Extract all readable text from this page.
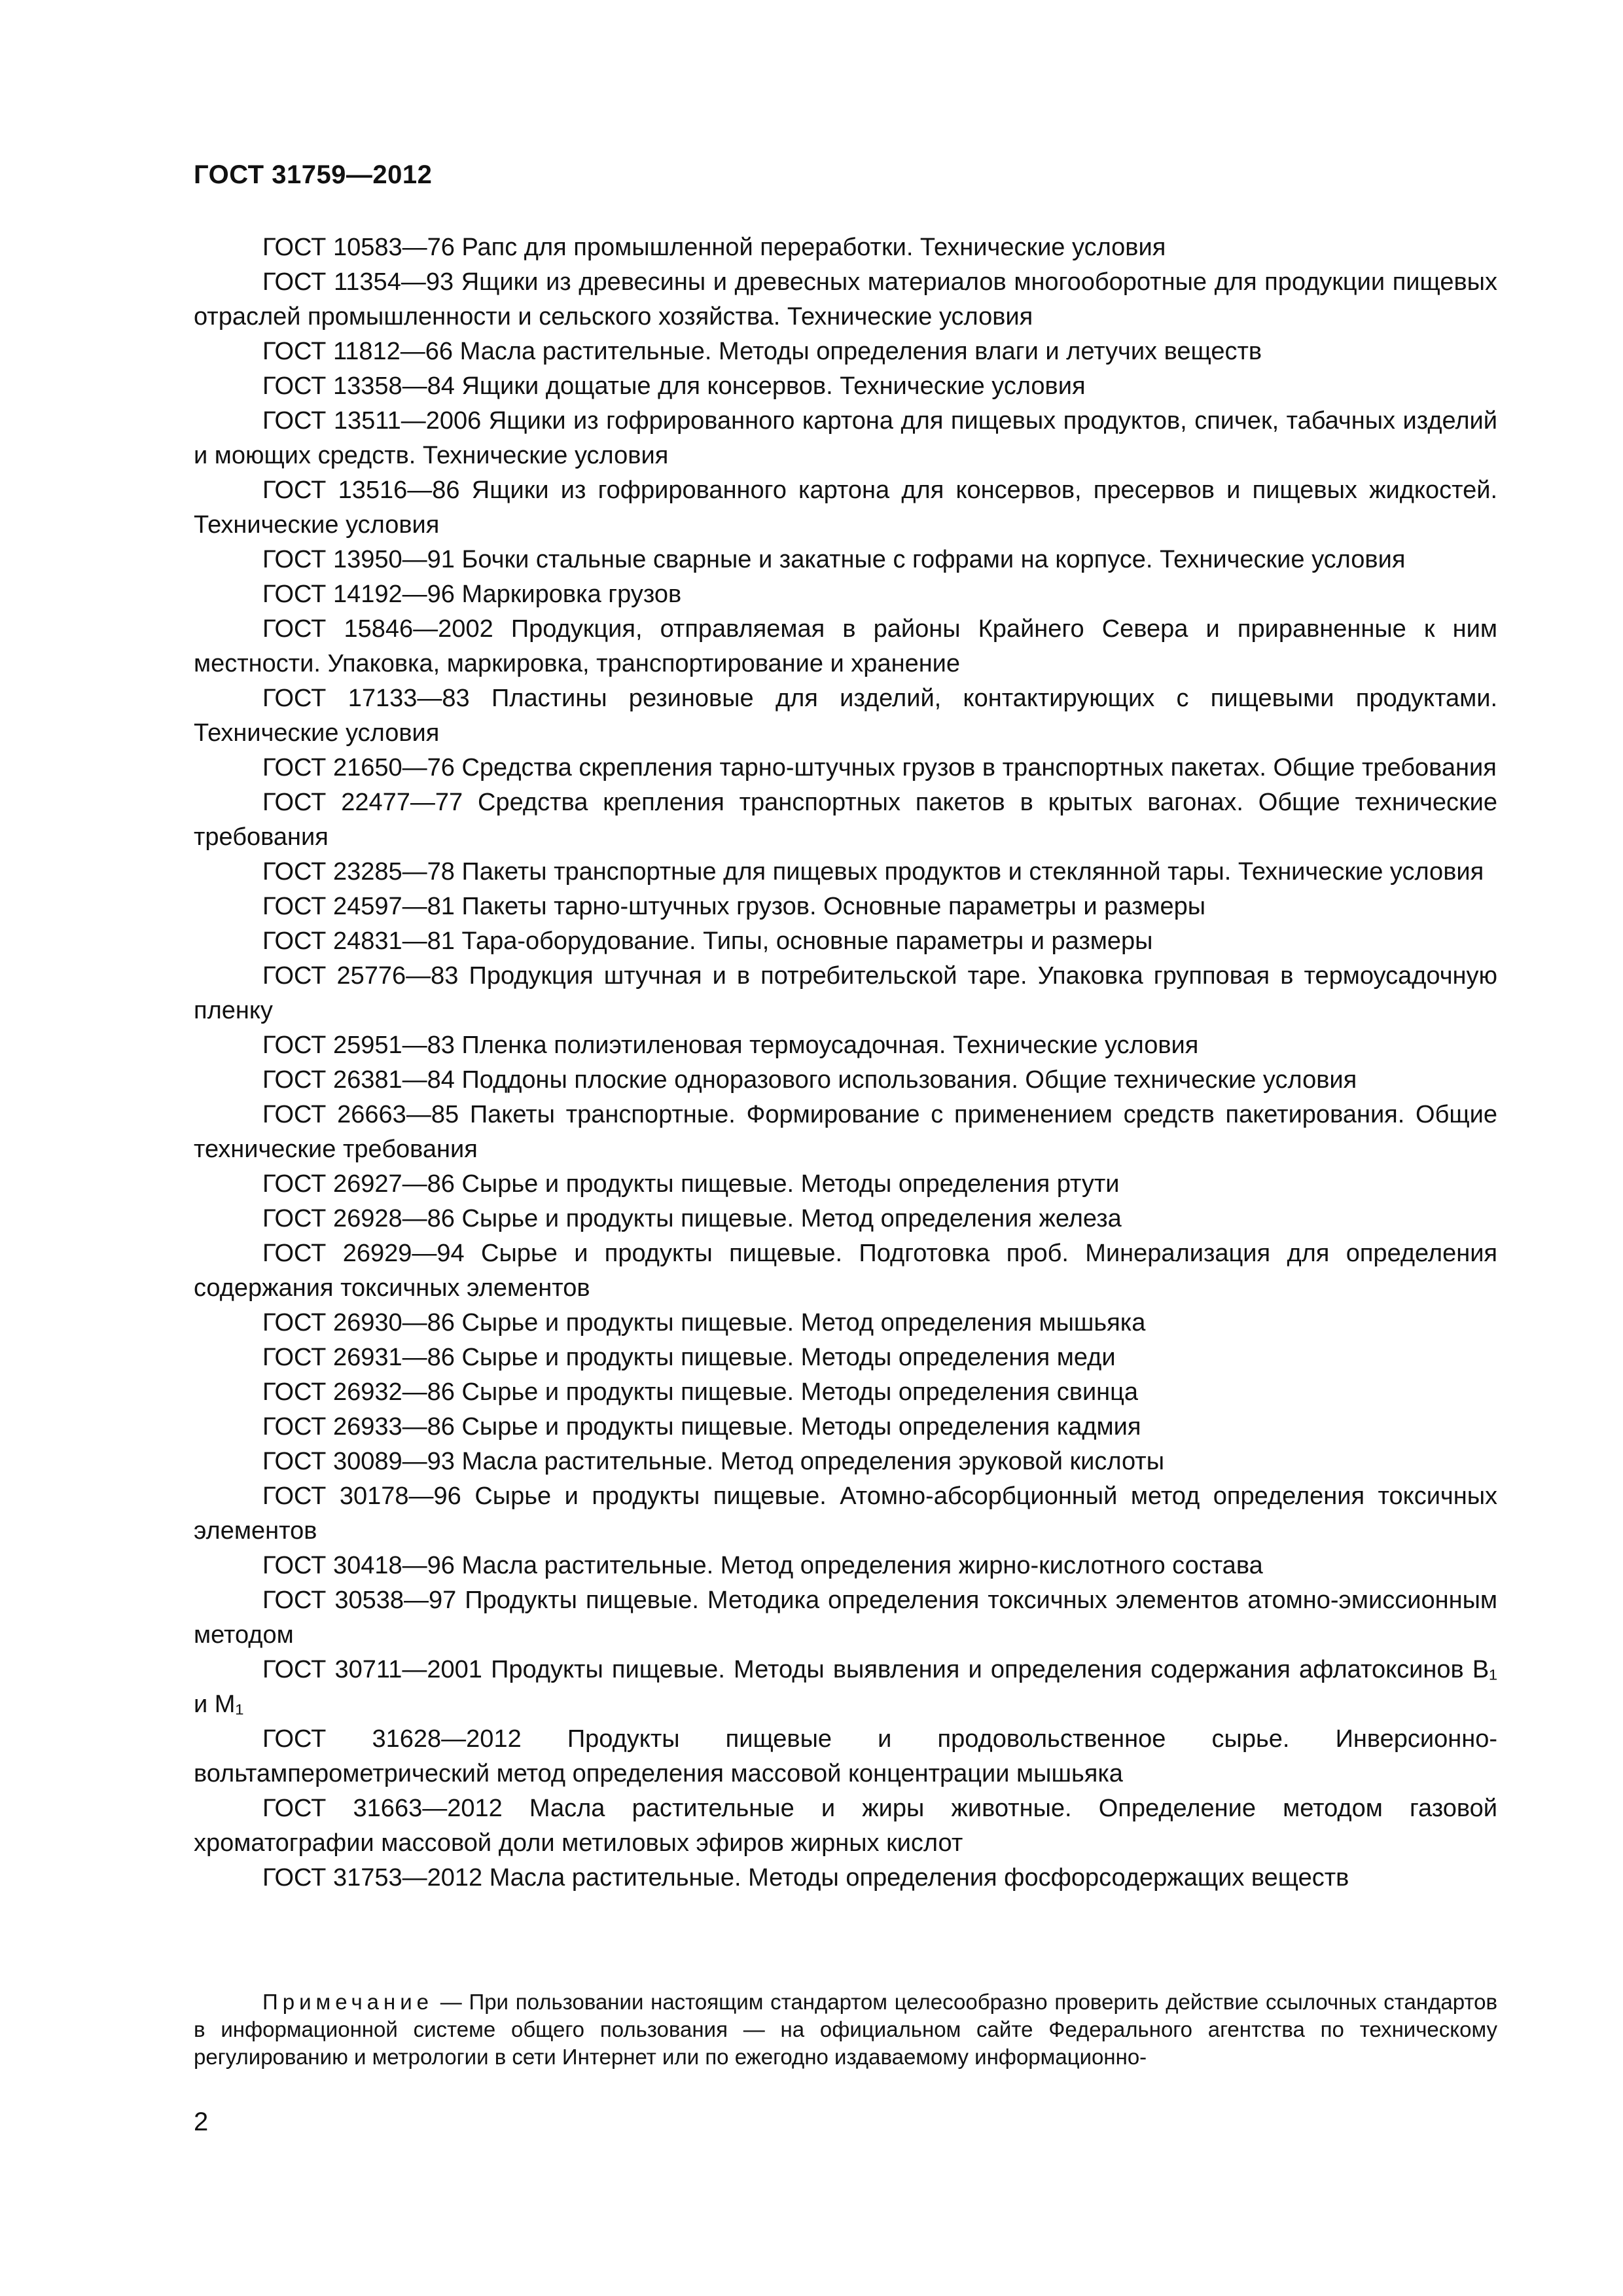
ГОСТ 31759—2012

ГОСТ 10583—76 Рапс для промышленной переработки. Технические условия

ГОСТ 11354—93 Ящики из древесины и древесных материалов многооборотные для продукции пищевых отраслей промышленности и сельского хозяйства. Технические условия

ГОСТ 11812—66 Масла растительные. Методы определения влаги и летучих веществ

ГОСТ 13358—84 Ящики дощатые для консервов. Технические условия

ГОСТ 13511—2006 Ящики из гофрированного картона для пищевых продуктов, спичек, табачных изделий и моющих средств. Технические условия

ГОСТ 13516—86 Ящики из гофрированного картона для консервов, пресервов и пищевых жидкостей. Технические условия

ГОСТ 13950—91 Бочки стальные сварные и закатные с гофрами на корпусе. Технические условия

ГОСТ 14192—96 Маркировка грузов

ГОСТ 15846—2002 Продукция, отправляемая в районы Крайнего Севера и приравненные к ним местности. Упаковка, маркировка, транспортирование и хранение

ГОСТ 17133—83 Пластины резиновые для изделий, контактирующих с пищевыми продуктами. Технические условия

ГОСТ 21650—76 Средства скрепления тарно-штучных грузов в транспортных пакетах. Общие требования

ГОСТ 22477—77 Средства крепления транспортных пакетов в крытых вагонах. Общие технические требования

ГОСТ 23285—78 Пакеты транспортные для пищевых продуктов и стеклянной тары. Технические условия

ГОСТ 24597—81 Пакеты тарно-штучных грузов. Основные параметры и размеры

ГОСТ 24831—81 Тара-оборудование. Типы, основные параметры и размеры

ГОСТ 25776—83 Продукция штучная и в потребительской таре. Упаковка групповая в термоусадочную пленку

ГОСТ 25951—83 Пленка полиэтиленовая термоусадочная. Технические условия

ГОСТ 26381—84 Поддоны плоские одноразового использования. Общие технические условия

ГОСТ 26663—85 Пакеты транспортные. Формирование с применением средств пакетирования. Общие технические требования

ГОСТ 26927—86 Сырье и продукты пищевые. Методы определения ртути

ГОСТ 26928—86 Сырье и продукты пищевые. Метод определения железа

ГОСТ 26929—94 Сырье и продукты пищевые. Подготовка проб. Минерализация для определения содержания токсичных элементов

ГОСТ 26930—86 Сырье и продукты пищевые. Метод определения мышьяка

ГОСТ 26931—86 Сырье и продукты пищевые. Методы определения меди

ГОСТ 26932—86 Сырье и продукты пищевые. Методы определения свинца

ГОСТ 26933—86 Сырье и продукты пищевые. Методы определения кадмия

ГОСТ 30089—93 Масла растительные. Метод определения эруковой кислоты

ГОСТ 30178—96 Сырье и продукты пищевые. Атомно-абсорбционный метод определения токсичных элементов

ГОСТ 30418—96 Масла растительные. Метод определения жирно-кислотного состава

ГОСТ 30538—97 Продукты пищевые. Методика определения токсичных элементов атомно-эмиссионным методом

ГОСТ 30711—2001 Продукты пищевые. Методы выявления и определения содержания афлатоксинов B₁ и M₁

ГОСТ 31628—2012 Продукты пищевые и продовольственное сырье. Инверсионно-вольтамперометрический метод определения массовой концентрации мышьяка

ГОСТ 31663—2012 Масла растительные и жиры животные. Определение методом газовой хроматографии массовой доли метиловых эфиров жирных кислот

ГОСТ 31753—2012 Масла растительные. Методы определения фосфорсодержащих веществ

Примечание — При пользовании настоящим стандартом целесообразно проверить действие ссылочных стандартов в информационной системе общего пользования — на официальном сайте Федерального агентства по техническому регулированию и метрологии в сети Интернет или по ежегодно издаваемому информационно-

2
